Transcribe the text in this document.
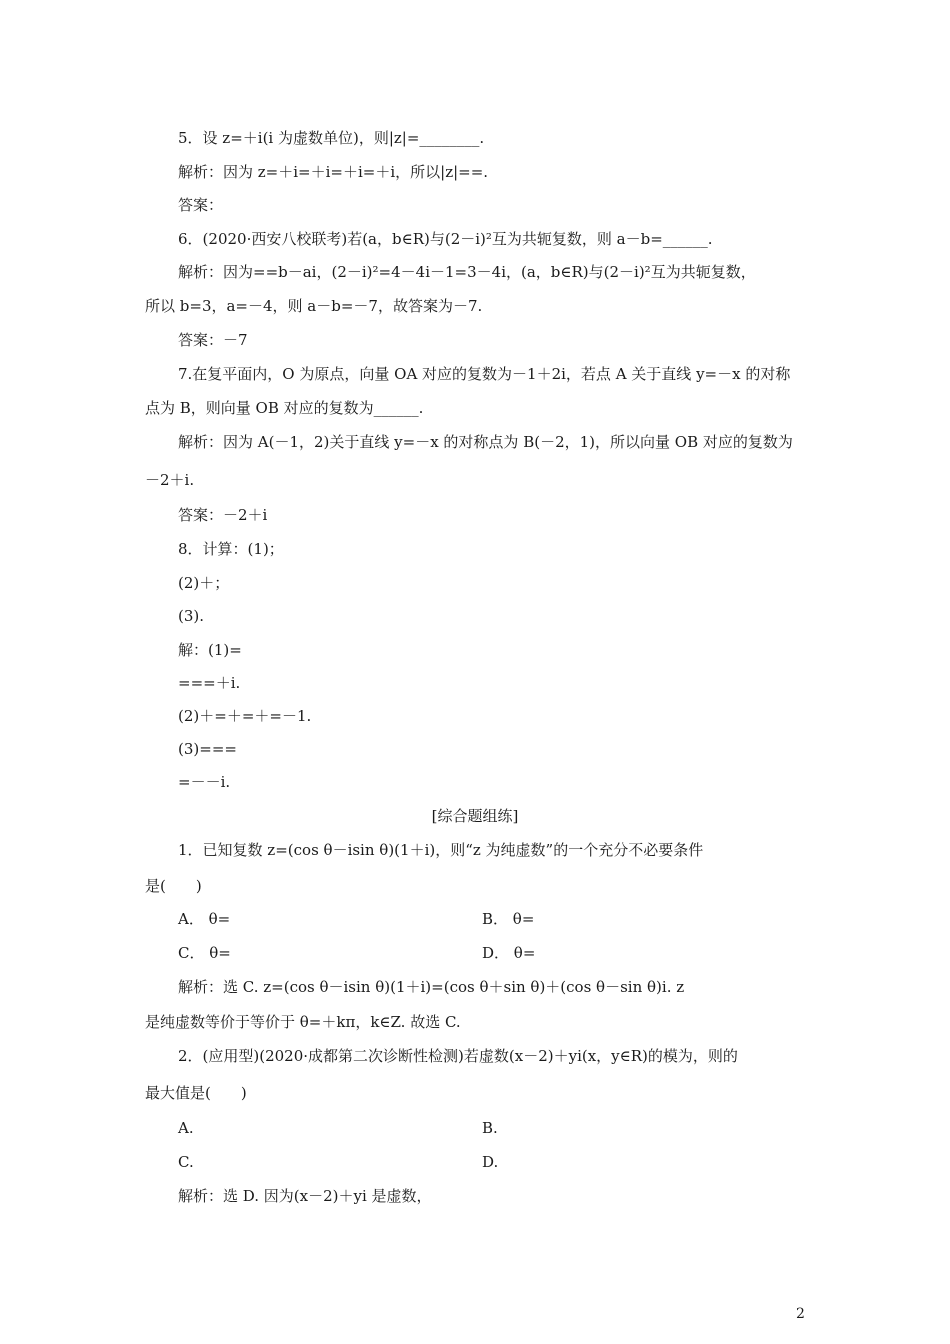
5．设 z=＋i(i 为虚数单位)，则|z|=________.
解析：因为 z=＋i=＋i=＋i=＋i，所以|z|==.
答案：
6．(2020·西安八校联考)若(a，b∈R)与(2－i)²互为共轭复数，则 a－b=______.
解析：因为==b－ai，(2－i)²=4－4i－1=3－4i，(a，b∈R)与(2－i)²互为共轭复数，
所以 b=3，a=－4，则 a－b=－7，故答案为－7.
答案：－7
7.在复平面内，O 为原点，向量 OA 对应的复数为－1＋2i，若点 A 关于直线 y=－x 的对称
点为 B，则向量 OB 对应的复数为______.
解析：因为 A(－1，2)关于直线 y=－x 的对称点为 B(－2，1)，所以向量 OB 对应的复数为
－2＋i.
答案：－2＋i
8．计算：(1)；
(2)＋；
(3).
解：(1)=
===＋i.
(2)＋=＋=＋=－1.
(3)===
=－－i.
[综合题组练]
1．已知复数 z=(cos θ－isin θ)(1＋i)，则“z 为纯虚数”的一个充分不必要条件
是(　　)
A． θ=	B． θ=
C． θ=	D． θ=
解析：选 C. z=(cos θ－isin θ)(1＋i)=(cos θ＋sin θ)＋(cos θ－sin θ)i. z
是纯虚数等价于等价于 θ=＋kπ，k∈Z. 故选 C.
2．(应用型)(2020·成都第二次诊断性检测)若虚数(x－2)＋yi(x，y∈R)的模为，则的
最大值是(　　)
A.	B.
C.	D.
解析：选 D. 因为(x－2)＋yi 是虚数，
2
